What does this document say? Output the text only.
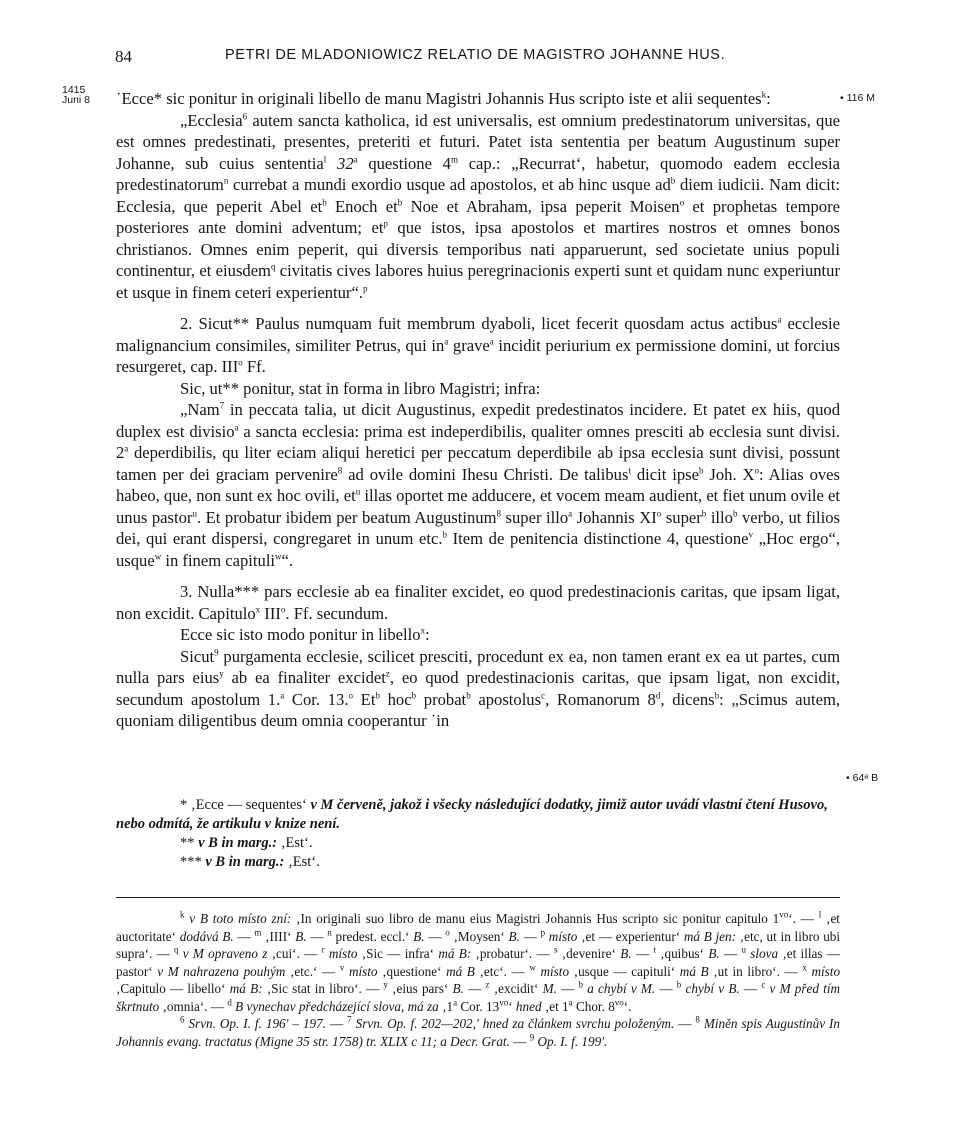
84	PETRI DE MLADONIOWICZ RELATIO DE MAGISTRO JOHANNE HUS.
1415
Juni 8	• 116 M
• 64ᵃ B

˙Ecce* sic ponitur in originali libello de manu Magistri Johannis Hus scripto iste et alii sequentes$^k$:

„Ecclesia$^6$ autem sancta katholica, id est universalis, est omnium predestinatorum universitas, que est omnes predestinati, presentes, preteriti et futuri. Patet ista sententia per beatum Augustinum super Johanne, sub cuius sententia$^l$ 32$^a$ questione 4$^m$ cap.: „Recurrat‘, habetur, quomodo eadem ecclesia predestinatorum$^n$ currebat a mundi exordio usque ad apostolos, et ab hinc usque $ad^b$ diem iudicii. Nam dicit: Ecclesia, que peperit Abel $et^b$ Enoch $et^b$ Noe et Abraham, ipsa peperit Moisen$^o$ et prophetas tempore posteriores ante domini adventum; $et^p$ que istos, ipsa apostolos et martires nostros et omnes bonos christianos. Omnes enim peperit, qui diversis temporibus nati apparuerunt, sed societate unius populi continentur, et eiusdem$^q$ civitatis cives labores huius peregrinacionis experti sunt et quidam nunc experiuntur et usque in finem ceteri experientur“.$^p$

2. Sicut** Paulus numquam fuit membrum dyaboli, licet fecerit quosdam actus actibus$^a$ ecclesie malignancium consimiles, similiter Petrus, qui $in^a$ grave$^a$ incidit periurium ex permissione domini, ut forcius resurgeret, cap. III$^o$ Ff.

Sic, ut** ponitur, stat in forma in libro Magistri; infra:

„Nam$^7$ in peccata talia, ut dicit Augustinus, expedit predestinatos incidere. Et patet ex hiis, quod duplex est divisio$^a$ a sancta ecclesia: prima est indeperdibilis, qualiter omnes presciti ab ecclesia sunt divisi. 2$^a$ deperdibilis, qu liter eciam aliqui heretici per peccatum deperdibile ab ipsa ecclesia sunt divisi, possunt tamen per dei graciam pervenire$^8$ ad ovile domini Ihesu Christi. De talibus$^t$ dicit ipse$^b$ Joh. $X^o$: Alias oves habeo, que, non sunt ex hoc ovili, $et^u$ illas oportet me adducere, et vocem meam audient, et fiet unum ovile et unus pastor$^u$. Et probatur ibidem per beatum Augustinum$^8$ super illo$^a$ Johannis $XI^o$ super$^b$ illo$^b$ verbo, ut filios dei, qui erant dispersi, congregaret in unum etc.$^b$ Item de penitencia distinctione 4, questione$^v$ „Hoc ergo“, usque$^w$ in finem capituli$^w$“.

3. Nulla*** pars ecclesie ab ea finaliter excidet, eo quod predestinacionis caritas, que ipsam ligat, non excidit. Capitulo$^x$ III$^o$. Ff. secundum.

Ecce sic isto modo ponitur in libello$^x$:

Sicut$^9$ purgamenta ecclesie, scilicet presciti, procedunt ex ea, non tamen erant ex ea ut partes, cum nulla pars eius$^y$ ab ea finaliter excidet$^z$, eo quod predestinacionis caritas, que ipsam ligat, non excidit, secundum apostolum 1.$^a$ Cor. 13.$^o$ Et$^b$ hoc$^b$ probat$^b$ apostolus$^c$, Romanorum 8$^d$, dicens$^b$: „Scimus autem, quoniam diligentibus deum omnia cooperantur ˙in

* ‚Ecce — sequentes‘ v M červeně, jakož i všecky následující dodatky, jimiž autor uvádí vlastní čtení Husovo, nebo odmítá, že artikulu v knize není.

** v B in marg.: ‚Est‘.

*** v B in marg.: ‚Est‘.

$^k$ v B toto místo zní: ‚In originali suo libro de manu eius Magistri Johannis Hus scripto sic ponitur capitulo $1^{vo}‘$. — $^l$ ‚et auctoritate‘ dodává B. — $^m$ ‚IIII‘ B. — $^n$ predest. eccl.‘ B. — $^o$ ‚Moysen‘ B. — $^p$ místo ‚et — experientur‘ má B jen: ‚etc, ut in libro ubi supra‘. — $^q$ v M opraveno z ‚cui‘. — $^r$ místo ‚Sic — infra‘ má B: ‚probatur‘. — $^s$ ‚devenire‘ B. — $^t$ ‚quibus‘ B. — $^u$ slova ‚et illas — pastor‘ v M nahrazena pouhým ‚etc.‘ — $^v$ místo ‚questione‘ má B ‚etc‘. — $^w$ místo ‚usque — capituli‘ má B ‚ut in libro‘. — $^x$ místo ‚Capitulo — libello‘ má B: ‚Sic stat in libro‘. — $^y$ ‚eius pars‘ B. — $^z$ ‚excidit‘ M. — $^b$ a chybí v M. — $^b$ chybí v B. — $^c$ v M před tím škrtnuto ‚omnia‘. — $^d$ B vynechav předcházející slova, má za ‚1$^a$ Cor. $13^{vo}‘$ hned ‚et 1$^a$ Chor. $8^{vo}‘$.

$^6$ Srvn. Op. I. f. 196' – 197. — $^7$ Srvn. Op. f. 202—202,' hned za článkem svrchu položeným. — $^8$ Miněn spis Augustinův In Johannis evang. tractatus (Migne 35 str. 1758) tr. XLIX c 11; a Decr. Grat. — $^9$ Op. I. f. 199'.
